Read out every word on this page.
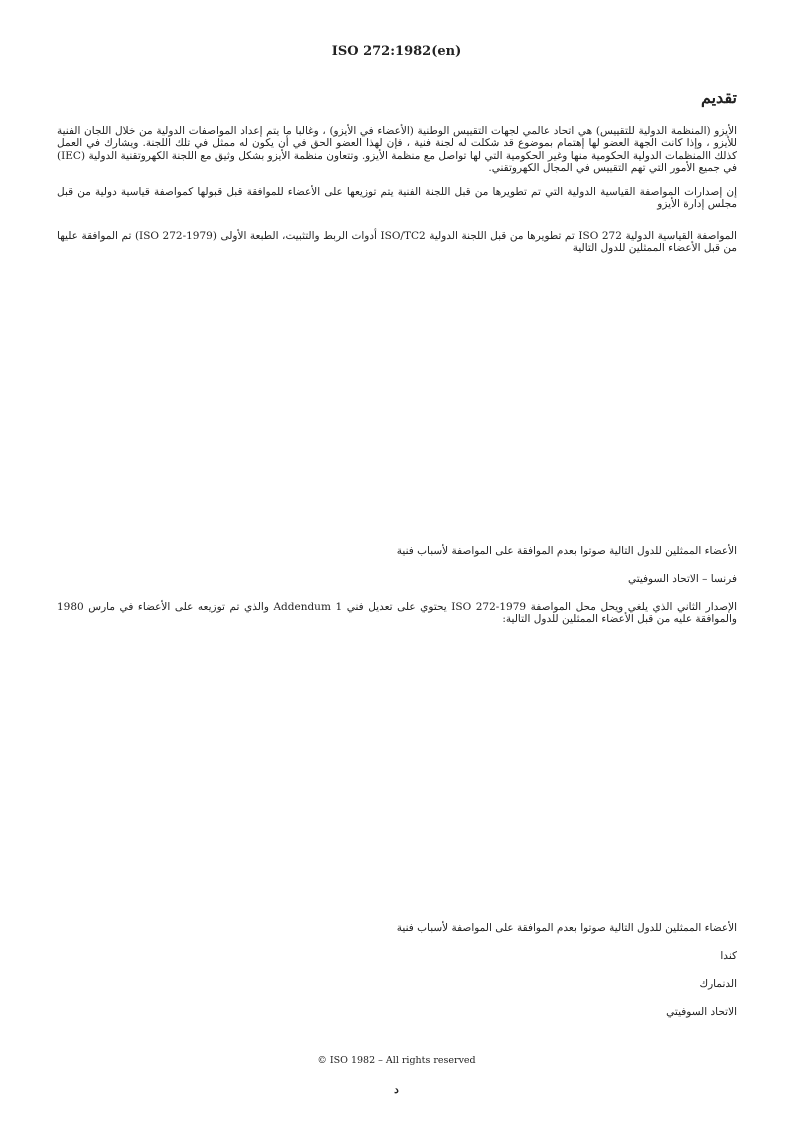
ISO 272:1982(en)
تقديم
الأيزو (المنظمة الدولية للتقييس) هي اتحاد عالمي لجهات التقييس الوطنية (الأعضاء في الأيزو) ، وغالبا ما يتم إعداد المواصفات الدولية من خلال اللجان الفنية للأيزو ، وإذا كانت الجهة العضو لها إهتمام بموضوع قد شكلت له لجنة فنية ، فإن لهذا العضو الحق في أن يكون له ممثل في تلك اللجنة. ويشارك في العمل كذلك االمنظمات الدولية الحكومية منها وغير الحكومية التي لها تواصل مع منظمة الأيزو. وتتعاون منظمة الأيزو بشكل وثيق مع اللجنة الكهروتقنية الدولية (IEC) في جميع الأمور التي تهم التقييس في المجال الكهروتقني.
إن إصدارات المواصفة القياسية الدولية التي تم تطويرها من قبل اللجنة الفنية يتم توزيعها على الأعضاء للموافقة قبل قبولها كمواصفة قياسية دولية من قبل مجلس إدارة الأيزو
المواصفة القياسية الدولية ISO 272 تم تطويرها من قبل اللجنة الدولية ISO/TC2 أدوات الربط والتثبيت، الطبعة الأولى (ISO 272-1979) تم الموافقة عليها من قبل الأعضاء الممثلين للدول التالية
الأعضاء الممثلين للدول التالية صوتوا بعدم الموافقة على المواصفة لأسباب فنية
فرنسا – الاتحاد السوفيتي
الإصدار الثاني الذي يلغي ويحل محل المواصفة ISO 272-1979 يحتوي على تعديل فني Addendum 1 والذي تم توزيعه على الأعضاء في مارس 1980 والموافقة عليه من قبل الأعضاء الممثلين للدول التالية:
الأعضاء الممثلين للدول التالية صوتوا بعدم الموافقة على المواصفة لأسباب فنية
كندا
الدنمارك
الاتحاد السوفيتي
© ISO 1982 – All rights reserved
د
